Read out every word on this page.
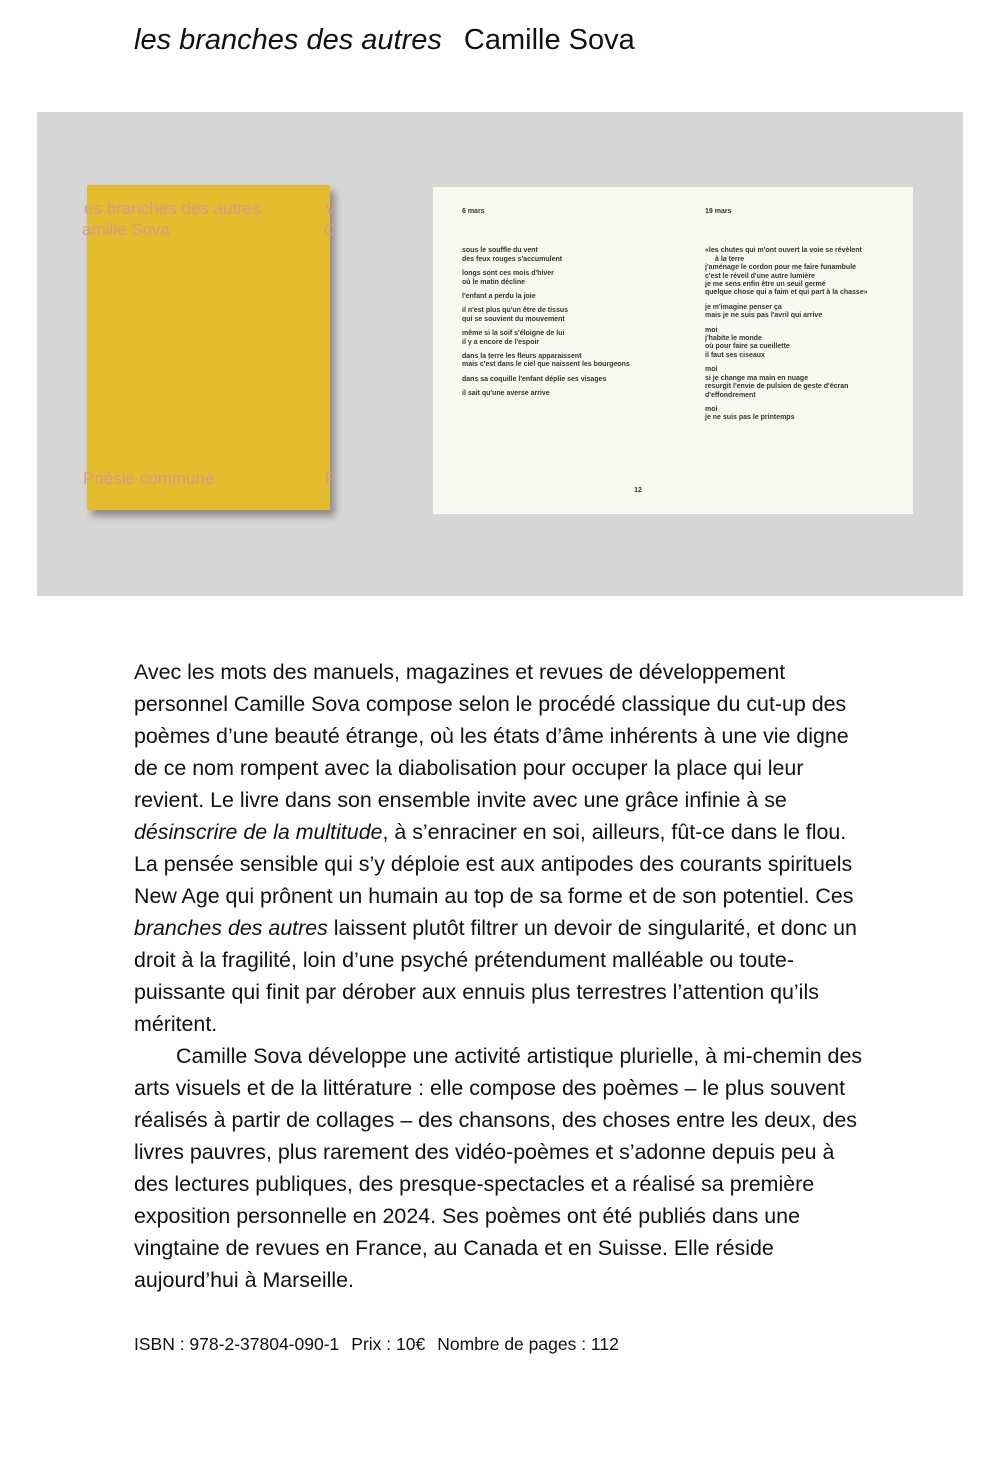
les branches des autres Camille Sova
es branches des autres
amille Sova
Poésie commune
V
C
P
6 mars
sous le souffle du vent
des feux rouges s'accumulent
longs sont ces mois d'hiver
où le matin décline
l'enfant a perdu la joie
il n'est plus qu'un être de tissus
qui se souvient du mouvement
même si la soif s'éloigne de lui
il y a encore de l'espoir
dans la terre les fleurs apparaissent
mais c'est dans le ciel que naissent les bourgeons
dans sa coquille l'enfant déplie ses visages
il sait qu'une averse arrive
19 mars
«les chutes qui m'ont ouvert la voie se révèlent
à la terre
j'aménage le cordon pour me faire funambule
c'est le réveil d'une autre lumière
je me sens enfin être un seuil germé
quelque chose qui a faim et qui part à la chasse»
je m'imagine penser ça
mais je ne suis pas l'avril qui arrive
moi
j'habite le monde
où pour faire sa cueillette
il faut ses ciseaux
moi
si je change ma main en nuage
resurgit l'envie de pulsion de geste d'écran
d'effondrement
moi
je ne suis pas le printemps
12

Avec les mots des manuels, magazines et revues de développement personnel Camille Sova compose selon le procédé classique du cut-up des poèmes d’une beauté étrange, où les états d’âme inhérents à une vie digne de ce nom rompent avec la diabolisation pour occuper la place qui leur revient. Le livre dans son ensemble invite avec une grâce infinie à se désinscrire de la multitude, à s’enraciner en soi, ailleurs, fût-ce dans le flou. La pensée sensible qui s’y déploie est aux antipodes des courants spirituels New Age qui prônent un humain au top de sa forme et de son potentiel. Ces branches des autres laissent plutôt filtrer un devoir de singularité, et donc un droit à la fragilité, loin d’une psyché prétendument malléable ou toute-puissante qui finit par dérober aux ennuis plus terrestres l’attention qu’ils méritent.

Camille Sova développe une activité artistique plurielle, à mi-chemin des arts visuels et de la littérature : elle compose des poèmes – le plus souvent réalisés à partir de collages – des chansons, des choses entre les deux, des livres pauvres, plus rarement des vidéo-poèmes et s’adonne depuis peu à des lectures publiques, des presque-spectacles et a réalisé sa première exposition personnelle en 2024. Ses poèmes ont été publiés dans une vingtaine de revues en France, au Canada et en Suisse. Elle réside aujourd’hui à Marseille.

ISBN : 978-2-37804-090-1 Prix : 10€ Nombre de pages : 112
